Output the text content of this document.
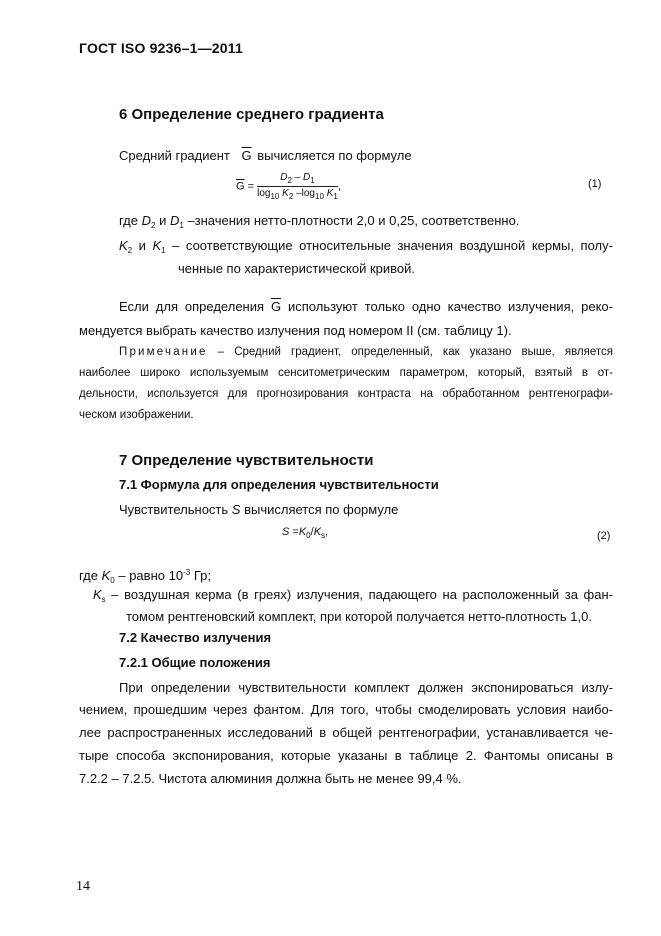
ГОСТ ISO 9236–1—2011
6 Определение среднего градиента
Средний градиент $\overline{G}$ вычисляется по формуле
$\overline{G} = \frac{D_2 - D_1}{\log_{10} K_2 -\log_{10} K_1}$ ,	(1)
где $D_2$ и $D_1$ –значения нетто-плотности 2,0 и 0,25, соответственно.
$K_2$ и $K_1$ – соответствующие относительные значения воздушной кермы, полу-
ченные по характеристической кривой.
Если для определения $\overline{G}$ используют только одно качество излучения, реко-
мендуется выбрать качество излучения под номером II (см. таблицу 1).
Примечание – Средний градиент, определенный, как указано выше, является
наиболее широко используемым сенситометрическим параметром, который, взятый в от-
дельности, используется для прогнозирования контраста на обработанном рентгенографи-
ческом изображении.
7 Определение чувствительности
7.1 Формула для определения чувствительности
Чувствительность S вычисляется по формуле
$S =K_0/K_s$,	(2)
где $K_0$ – равно $10^{-3}$ Гр;
$K_s$ – воздушная керма (в греях) излучения, падающего на расположенный за фан-
томом рентгеновский комплект, при которой получается нетто-плотность 1,0.
7.2 Качество излучения
7.2.1 Общие положения
При определении чувствительности комплект должен экспонироваться излу-
чением, прошедшим через фантом. Для того, чтобы смоделировать условия наибо-
лее распространенных исследований в общей рентгенографии, устанавливается че-
тыре способа экспонирования, которые указаны в таблице 2. Фантомы описаны в
7.2.2 – 7.2.5. Чистота алюминия должна быть не менее 99,4 %.
14
